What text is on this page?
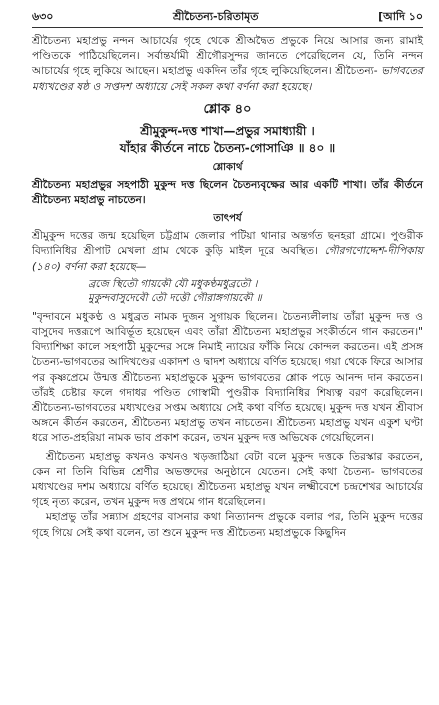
৬৩০	শ্রীচৈতন্য-চরিতামৃত	[আদি ১০

শ্রীচৈতন্য মহাপ্রভু নন্দন আচার্যের গৃহে থেকে শ্রীঅদ্বৈত প্রভুকে নিয়ে আসার জন্য রামাই পণ্ডিতকে পাঠিয়েছিলেন। সর্বান্তর্যামী শ্রীগৌরসুন্দর জানতে পেরেছিলেন যে, তিনি নন্দন আচার্যের গৃহে লুকিয়ে আছেন। মহাপ্রভু একদিন তাঁর গৃহে লুকিয়েছিলেন। শ্রীচৈতন্য- ভাগবতের মধ্যখণ্ডের ষষ্ঠ ও সপ্তদশ অধ্যায়ে সেই সকল কথা বর্ণনা করা হয়েছে।

শ্লোক ৪০
শ্রীমুকুন্দ-দত্ত শাখা—প্রভুর সমাধ্যায়ী ।
যাঁহার কীর্তনে নাচে চৈতন্য-গোসাঞি ॥ ৪০ ॥
শ্লোকার্থ

শ্রীচৈতন্য মহাপ্রভুর সহপাঠী মুকুন্দ দত্ত ছিলেন চৈতন্যবৃক্ষের আর একটি শাখা। তাঁর কীর্তনে শ্রীচৈতন্য মহাপ্রভু নাচতেন।

তাৎপর্য

শ্রীমুকুন্দ দত্তের জন্ম হয়েছিল চট্টগ্রাম জেলার পটিয়া থানার অন্তর্গত ছনহরা গ্রামে। পুণ্ডরীক বিদ্যানিধির শ্রীপাট মেখলা গ্রাম থেকে কুড়ি মাইল দূরে অবস্থিত। গৌরগণোদ্দেশ-দীপিকায় (১৪০) বর্ণনা করা হয়েছে—

ব্রজে স্থিতৌ গায়কৌ যৌ মধুকণ্ঠমধুব্রতৌ ।
মুকুন্দবাসুদেবৌ তৌ দত্তৌ গৌরাঙ্গগায়কৌ ॥

"বৃন্দাবনে মধুকণ্ঠ ও মধুব্রত নামক দুজন সুগায়ক ছিলেন। চৈতন্যলীলায় তাঁরা মুকুন্দ দত্ত ও বাসুদেব দত্তরূপে আবির্ভূত হয়েছেন এবং তাঁরা শ্রীচৈতন্য মহাপ্রভুর সংকীর্তনে গান করতেন।" বিদ্যাশিক্ষা কালে সহপাঠী মুকুন্দের সঙ্গে নিমাই ন্যায়ের ফাঁকি নিয়ে কোন্দল করতেন। এই প্রসঙ্গ চৈতন্য-ভাগবতের আদিখণ্ডের একাদশ ও দ্বাদশ অধ্যায়ে বর্ণিত হয়েছে। গয়া থেকে ফিরে আসার পর কৃষ্ণপ্রেমে উন্মত্ত শ্রীচৈতন্য মহাপ্রভুকে মুকুন্দ ভাগবতের শ্লোক পড়ে আনন্দ দান করতেন। তাঁরই চেষ্টার ফলে গদাধর পণ্ডিত গোস্বামী পুণ্ডরীক বিদ্যানিধির শিষ্যত্ব বরণ করেছিলেন। শ্রীচৈতন্য-ভাগবতের মধ্যখণ্ডের সপ্তম অধ্যায়ে সেই কথা বর্ণিত হয়েছে। মুকুন্দ দত্ত যখন শ্রীবাস অঙ্গনে কীর্তন করতেন, শ্রীচৈতন্য মহাপ্রভু তখন নাচতেন। শ্রীচৈতন্য মহাপ্রভু যখন একুশ ঘণ্টা ধরে সাত-প্রহরিয়া নামক ভাব প্রকাশ করেন, তখন মুকুন্দ দত্ত অভিষেক গেয়েছিলেন।

শ্রীচৈতন্য মহাপ্রভু কখনও কখনও খড়জাঠিয়া বেটা বলে মুকুন্দ দত্তকে তিরস্কার করতেন, কেন না তিনি বিভিন্ন শ্রেণীর অভক্তদের অনুষ্ঠানে যেতেন। সেই কথা চৈতন্য- ভাগবতের মধ্যখণ্ডের দশম অধ্যায়ে বর্ণিত হয়েছে। শ্রীচৈতন্য মহাপ্রভু যখন লক্ষ্মীবেশে চন্দ্রশেখর আচার্যের গৃহে নৃত্য করেন, তখন মুকুন্দ দত্ত প্রথমে গান ধরেছিলেন।

মহাপ্রভু তাঁর সন্ন্যাস গ্রহণের বাসনার কথা নিত্যানন্দ প্রভুকে বলার পর, তিনি মুকুন্দ দত্তের গৃহে গিয়ে সেই কথা বলেন, তা শুনে মুকুন্দ দত্ত শ্রীচৈতন্য মহাপ্রভুকে কিছুদিন
